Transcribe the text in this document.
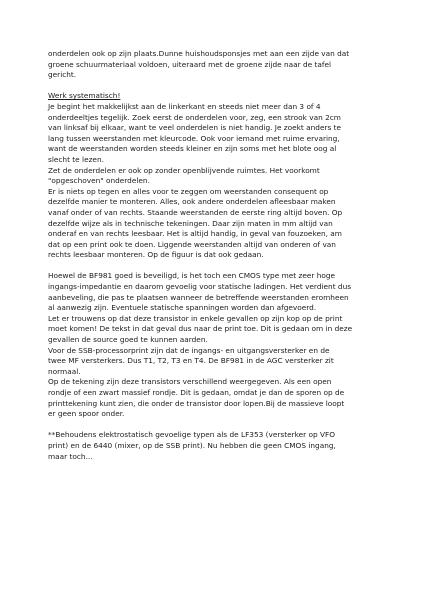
onderdelen ook op zijn plaats.Dunne huishoudsponsjes met aan een zijde van dat
groene schuurmateriaal voldoen, uiteraard met de groene zijde naar de tafel
gericht.
Werk systematisch!
Je begint het makkelijkst aan de linkerkant en steeds niet meer dan 3 of 4
onderdeeltjes tegelijk. Zoek eerst de onderdelen voor, zeg, een strook van 2cm
van linksaf bij elkaar, want te veel onderdelen is niet handig. Je zoekt anders te
lang tussen weerstanden met kleurcode. Ook voor iemand met ruime ervaring,
want de weerstanden worden steeds kleiner en zijn soms met het blote oog al
slecht te lezen.
Zet de onderdelen er ook op zonder openblijvende ruimtes. Het voorkomt
"opgeschoven" onderdelen.
Er is niets op tegen en alles voor te zeggen om weerstanden consequent op
dezelfde manier te monteren. Alles, ook andere onderdelen afleesbaar maken
vanaf onder of van rechts. Staande weerstanden de eerste ring altijd boven. Op
dezelfde wijze als in technische tekeningen. Daar zijn maten in mm altijd van
onderaf en van rechts leesbaar. Het is altijd handig, in geval van fouzoeken, am
dat op een print ook te doen. Liggende weerstanden altijd van onderen of van
rechts leesbaar monteren. Op de figuur is dat ook gedaan.
Hoewel de BF981 goed is beveiligd, is het toch een CMOS type met zeer hoge
ingangs-impedantie en daarom gevoelig voor statische ladingen. Het verdient dus
aanbeveling, die pas te plaatsen wanneer de betreffende weerstanden eromheen
al aanwezig zijn. Eventuele statische spanningen worden dan afgevoerd.
Let er trouwens op dat deze transistor in enkele gevallen op zijn kop op de print
moet komen! De tekst in dat geval dus naar de print toe. Dit is gedaan om in deze
gevallen de source goed te kunnen aarden.
Voor de SSB-processorprint zijn dat de ingangs- en uitgangsversterker en de
twee MF versterkers. Dus T1, T2, T3 en T4. De BF981 in de AGC versterker zit
normaal.
Op de tekening zijn deze transistors verschillend weergegeven. Als een open
rondje of een zwart massief rondje. Dit is gedaan, omdat je dan de sporen op de
printtekening kunt zien, die onder de transistor door lopen.Bij de massieve loopt
er geen spoor onder.
**Behoudens elektrostatisch gevoelige typen als de LF353 (versterker op VFO
print) en de 6440 (mixer, op de SSB print). Nu hebben die geen CMOS ingang,
maar toch...
